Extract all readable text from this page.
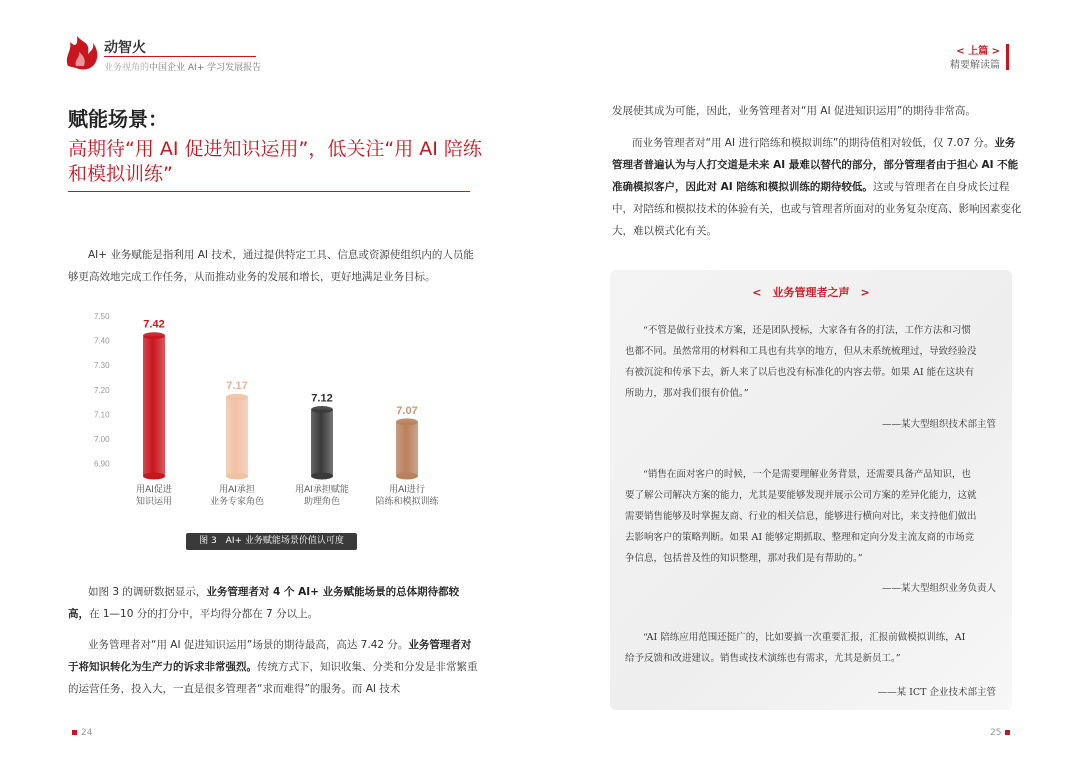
动智火
业务视角的中国企业 AI+ 学习发展报告
< 上篇 >
精要解读篇
赋能场景：
高期待“用 AI 促进知识运用”，低关注“用 AI 陪练和模拟训练”
AI+ 业务赋能是指利用 AI 技术，通过提供特定工具、信息或资源使组织内的人员能够更高效地完成工作任务，从而推动业务的发展和增长，更好地满足业务目标。
7.50
7.40
7.30
7.20
7.10
7.00
6.90
7.42
用AI促进
知识运用
7.17
用AI承担
业务专家角色
7.12
用AI承担赋能
助理角色
7.07
用AI进行
陪练和模拟训练
图 3　AI+ 业务赋能场景价值认可度
如图 3 的调研数据显示，业务管理者对 4 个 AI+ 业务赋能场景的总体期待都较高，在 1—10 分的打分中，平均得分都在 7 分以上。
业务管理者对“用 AI 促进知识运用”场景的期待最高，高达 7.42 分。业务管理者对于将知识转化为生产力的诉求非常强烈。传统方式下，知识收集、分类和分发是非常繁重的运营任务，投入大，一直是很多管理者“求而难得”的服务。而 AI 技术
发展使其成为可能，因此，业务管理者对“用 AI 促进知识运用”的期待非常高。
而业务管理者对“用 AI 进行陪练和模拟训练”的期待值相对较低，仅 7.07 分。业务管理者普遍认为与人打交道是未来 AI 最难以替代的部分，部分管理者由于担心 AI 不能准确模拟客户，因此对 AI 陪练和模拟训练的期待较低。这或与管理者在自身成长过程中，对陪练和模拟技术的体验有关，也或与管理者所面对的业务复杂度高、影响因素变化大，难以模式化有关。
<　业务管理者之声　>
“不管是做行业技术方案，还是团队授标，大家各有各的打法，工作方法和习惯也都不同。虽然常用的材料和工具也有共享的地方，但从未系统梳理过，导致经验没有被沉淀和传承下去，新人来了以后也没有标准化的内容去带。如果 AI 能在这块有所助力，那对我们很有价值。”
——某大型组织技术部主管
“销售在面对客户的时候，一个是需要理解业务背景，还需要具备产品知识，也要了解公司解决方案的能力，尤其是要能够发现并展示公司方案的差异化能力，这就需要销售能够及时掌握友商、行业的相关信息，能够进行横向对比，来支持他们做出去影响客户的策略判断。如果 AI 能够定期抓取、整理和定向分发主流友商的市场竞争信息，包括普及性的知识整理，那对我们是有帮助的。”
——某大型组织业务负责人
“AI 陪练应用范围还挺广的，比如要搞一次重要汇报，汇报前做模拟训练，AI 给予反馈和改进建议。销售或技术演练也有需求，尤其是新员工。”
——某 ICT 企业技术部主管
24	25
